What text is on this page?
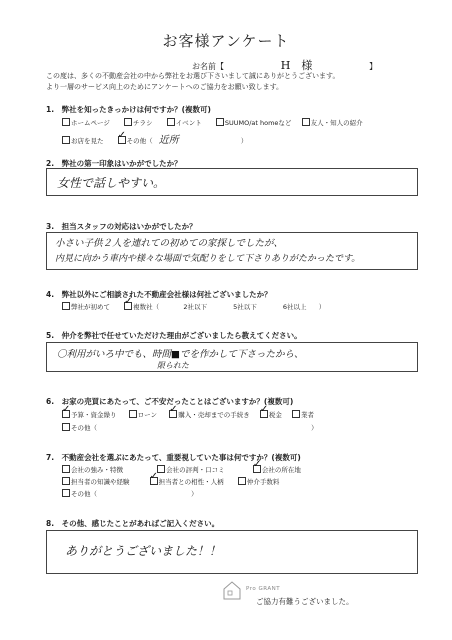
お客様アンケート
お名前【	H　様	】
この度は、多くの不動産会社の中から弊社をお選び下さいまして誠にありがとうございます。
より一層のサービス向上のためにアンケートへのご協力をお願い致します。
1.　弊社を知ったきっかけは何ですか？(複数可)
ホームページ	チラシ	イベント	SUUMO/at homeなど	友人・知人の紹介
お店を見た ✓	その他（ 近所	）
2.　弊社の第一印象はいかがでしたか？
女性で話しやすい。
3.　担当スタッフの対応はいかがでしたか？
小さい子供２人を連れての初めての家探しでしたが、
内見に向かう車内や様々な場面で気配りをして下さりありがたかったです。
4.　弊社以外にご相談された不動産会社様は何社ございましたか？
弊社が初めて ✓	複数社（	2社以下	5社以下	6社以上 ）
5.　仲介を弊社で任せていただけた理由がございましたら教えてください。
〇利用がいろ中でも、時間■でを作かして下さったから、
限られた
6.　お家の売買にあたって、ご不安だったことはございますか？(複数可)
✓予算・資金繰り	ローン ✓	購入・売却までの手続き ✓	税金	業者
その他（	）
7.　不動産会社を選ぶにあたって、重要視していた事は何ですか？(複数可)
会社の強み・特徴	会社の評判・口コミ ✓	会社の所在地
担当者の知識や経験 ✓	担当者との相性・人柄	仲介手数料
その他（	）
8.　その他、感じたことがあればご記入ください。
ありがとうございました！！
Pro GRANT
ご協力有難うございました。
